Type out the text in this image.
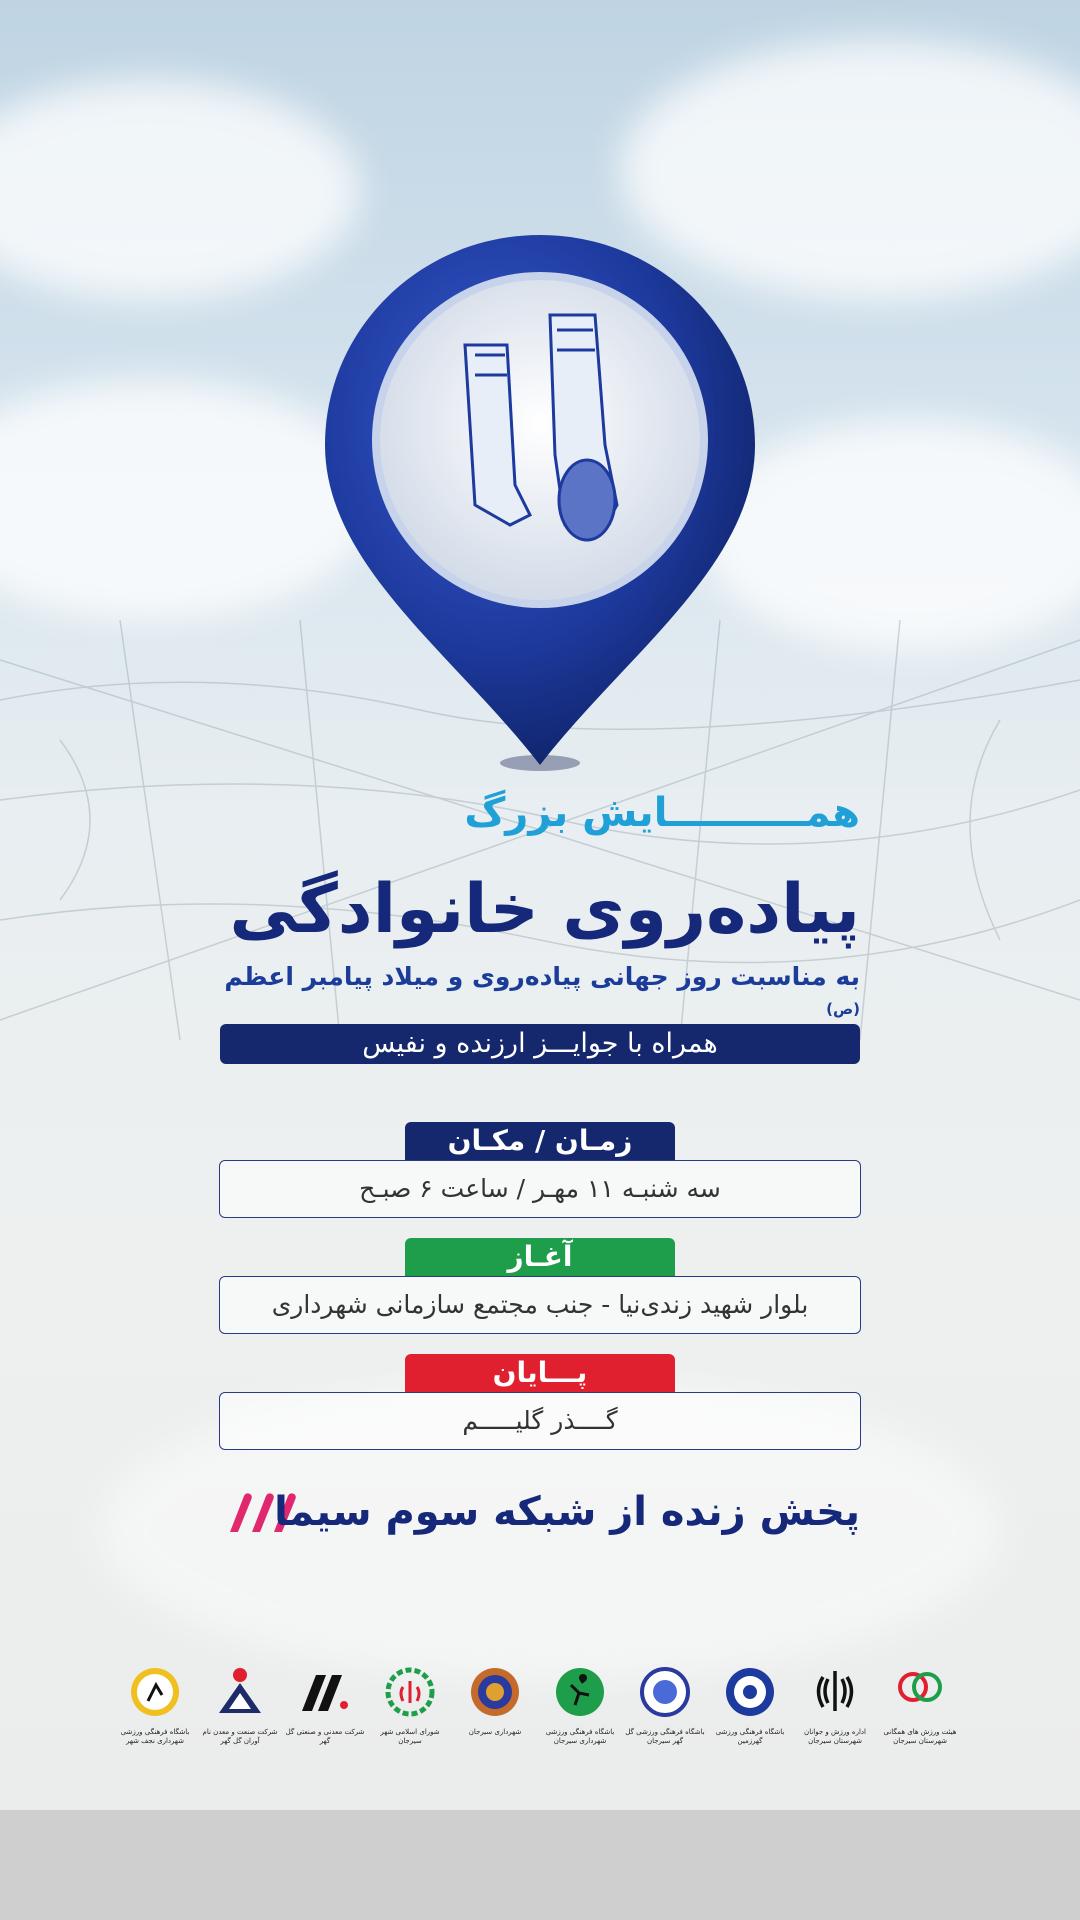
همــــــــــایش بزرگ
پیاده‌روی خانوادگی
به مناسبت روز جهانی پیاده‌روی و میلاد پیامبر اعظم (ص)
همراه با جوایـــز ارزنده و نفیس
زمـان / مکـان
سه شنبـه ۱۱ مهـر / ساعت ۶ صبـح
آغـاز
بلوار شهید زندی‌نیا - جنب مجتمع سازمانی شهرداری
پـــایان
گــــذر گلیـــــم
پخش زنده از شبکه سوم سیما
هیئت ورزش های همگانی شهرستان سیرجان
اداره ورزش و جوانان شهرستان سیرجان
باشگاه فرهنگی ورزشی گهرزمین
باشگاه فرهنگی ورزشی گل گهر سیرجان
باشگاه فرهنگی ورزشی شهرداری سیرجان
شهرداری سیرجان
شورای اسلامی شهر سیرجان
شرکت معدنی و صنعتی گل گهر
شرکت صنعت و معدن نام آوران گل گهر
باشگاه فرهنگی ورزشی شهرداری نجف شهر
